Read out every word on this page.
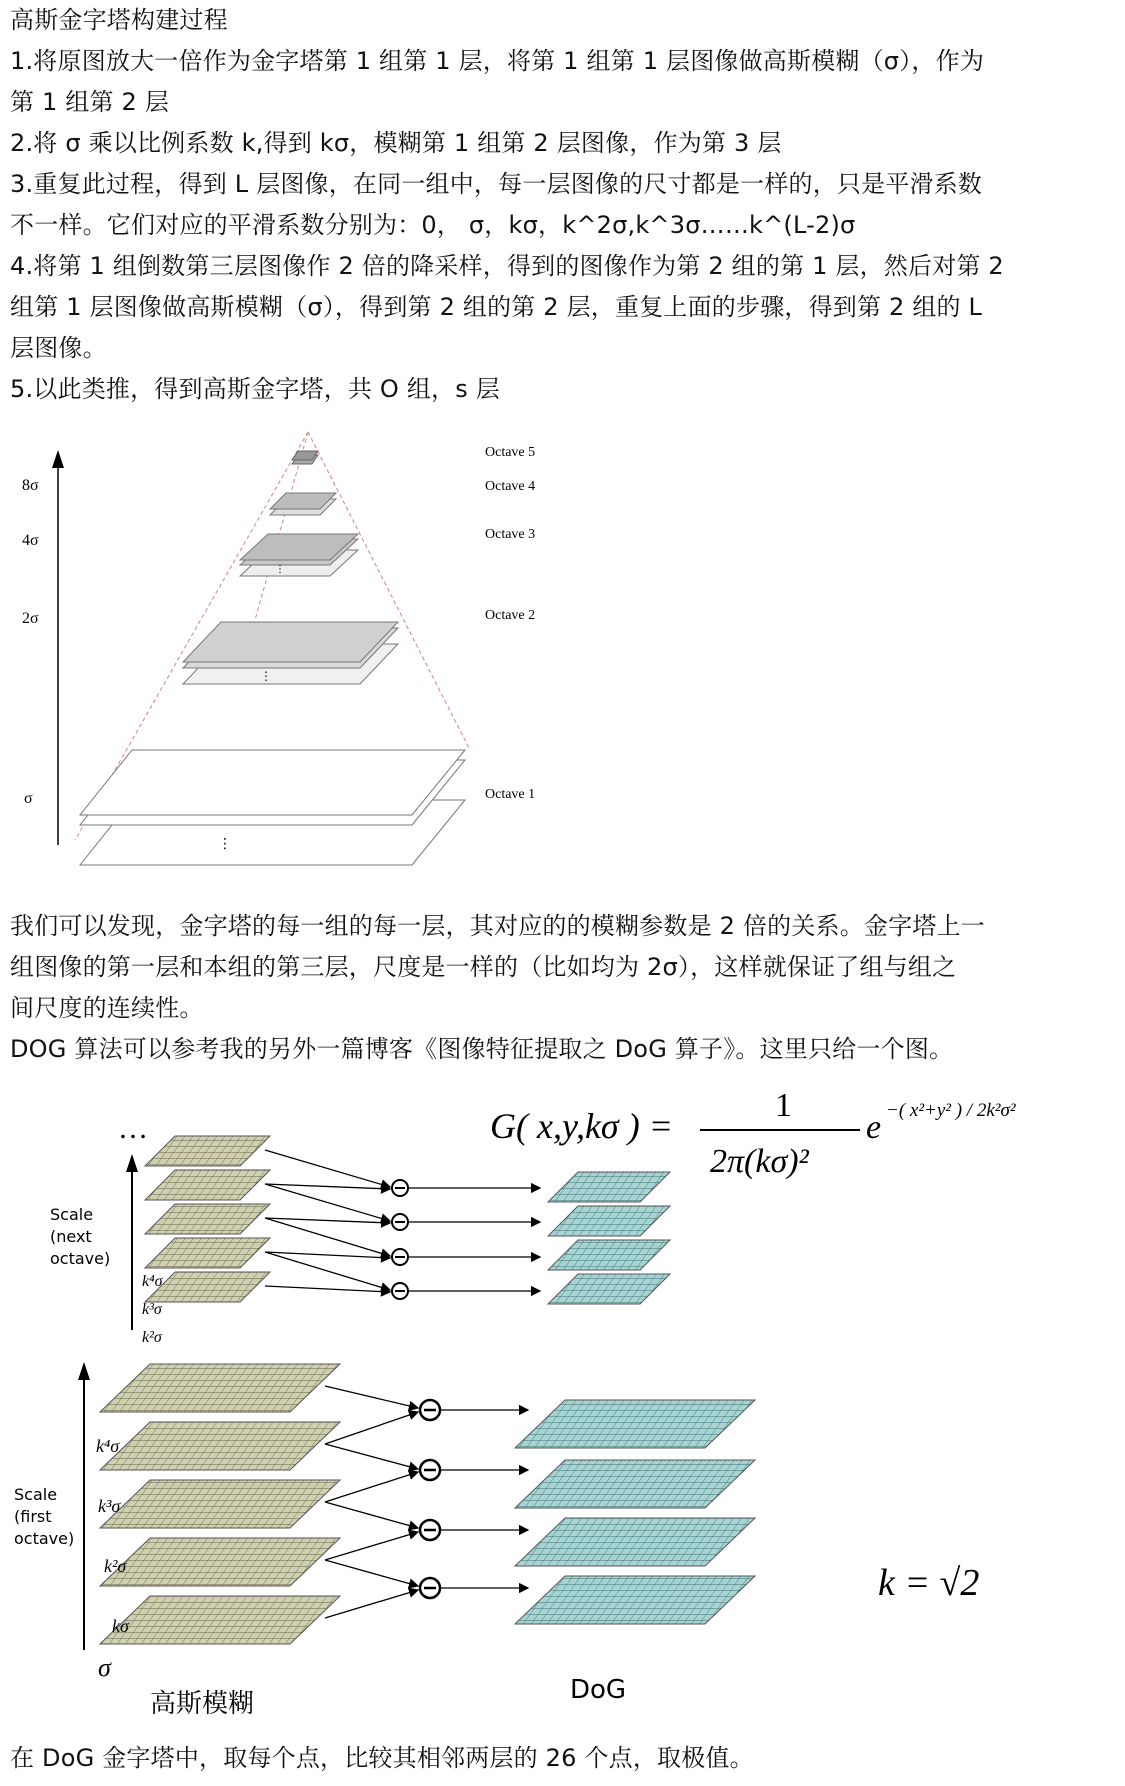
高斯金字塔构建过程
1.将原图放大一倍作为金字塔第 1 组第 1 层，将第 1 组第 1 层图像做高斯模糊（σ），作为
第 1 组第 2 层
2.将 σ 乘以比例系数 k,得到 kσ，模糊第 1 组第 2 层图像，作为第 3 层
3.重复此过程，得到 L 层图像，在同一组中，每一层图像的尺寸都是一样的，只是平滑系数
不一样。它们对应的平滑系数分别为：0， σ，kσ，k^2σ,k^3σ……k^(L-2)σ
4.将第 1 组倒数第三层图像作 2 倍的降采样，得到的图像作为第 2 组的第 1 层，然后对第 2
组第 1 层图像做高斯模糊（σ），得到第 2 组的第 2 层，重复上面的步骤，得到第 2 组的 L
层图像。
5.以此类推，得到高斯金字塔，共 O 组，s 层
8σ
4σ
2σ
σ
⋮
⋮
⋮
Octave 5
Octave 4
Octave 3
Octave 2
Octave 1
我们可以发现，金字塔的每一组的每一层，其对应的的模糊参数是 2 倍的关系。金字塔上一
组图像的第一层和本组的第三层，尺度是一样的（比如均为 2σ），这样就保证了组与组之
间尺度的连续性。
DOG 算法可以参考我的另外一篇博客《图像特征提取之 DoG 算子》。这里只给一个图。
…	G( x,y,kσ ) =
1
2π(kσ)²
e −( x²+y² ) / 2k²σ²
Scale
(next
octave)
k⁴σ
k³σ
k²σ
Scale
(first
octave)
k⁴σ
k³σ
k²σ
kσ
σ
高斯模糊	DoG
k = √2
在 DoG 金字塔中，取每个点，比较其相邻两层的 26 个点，取极值。
